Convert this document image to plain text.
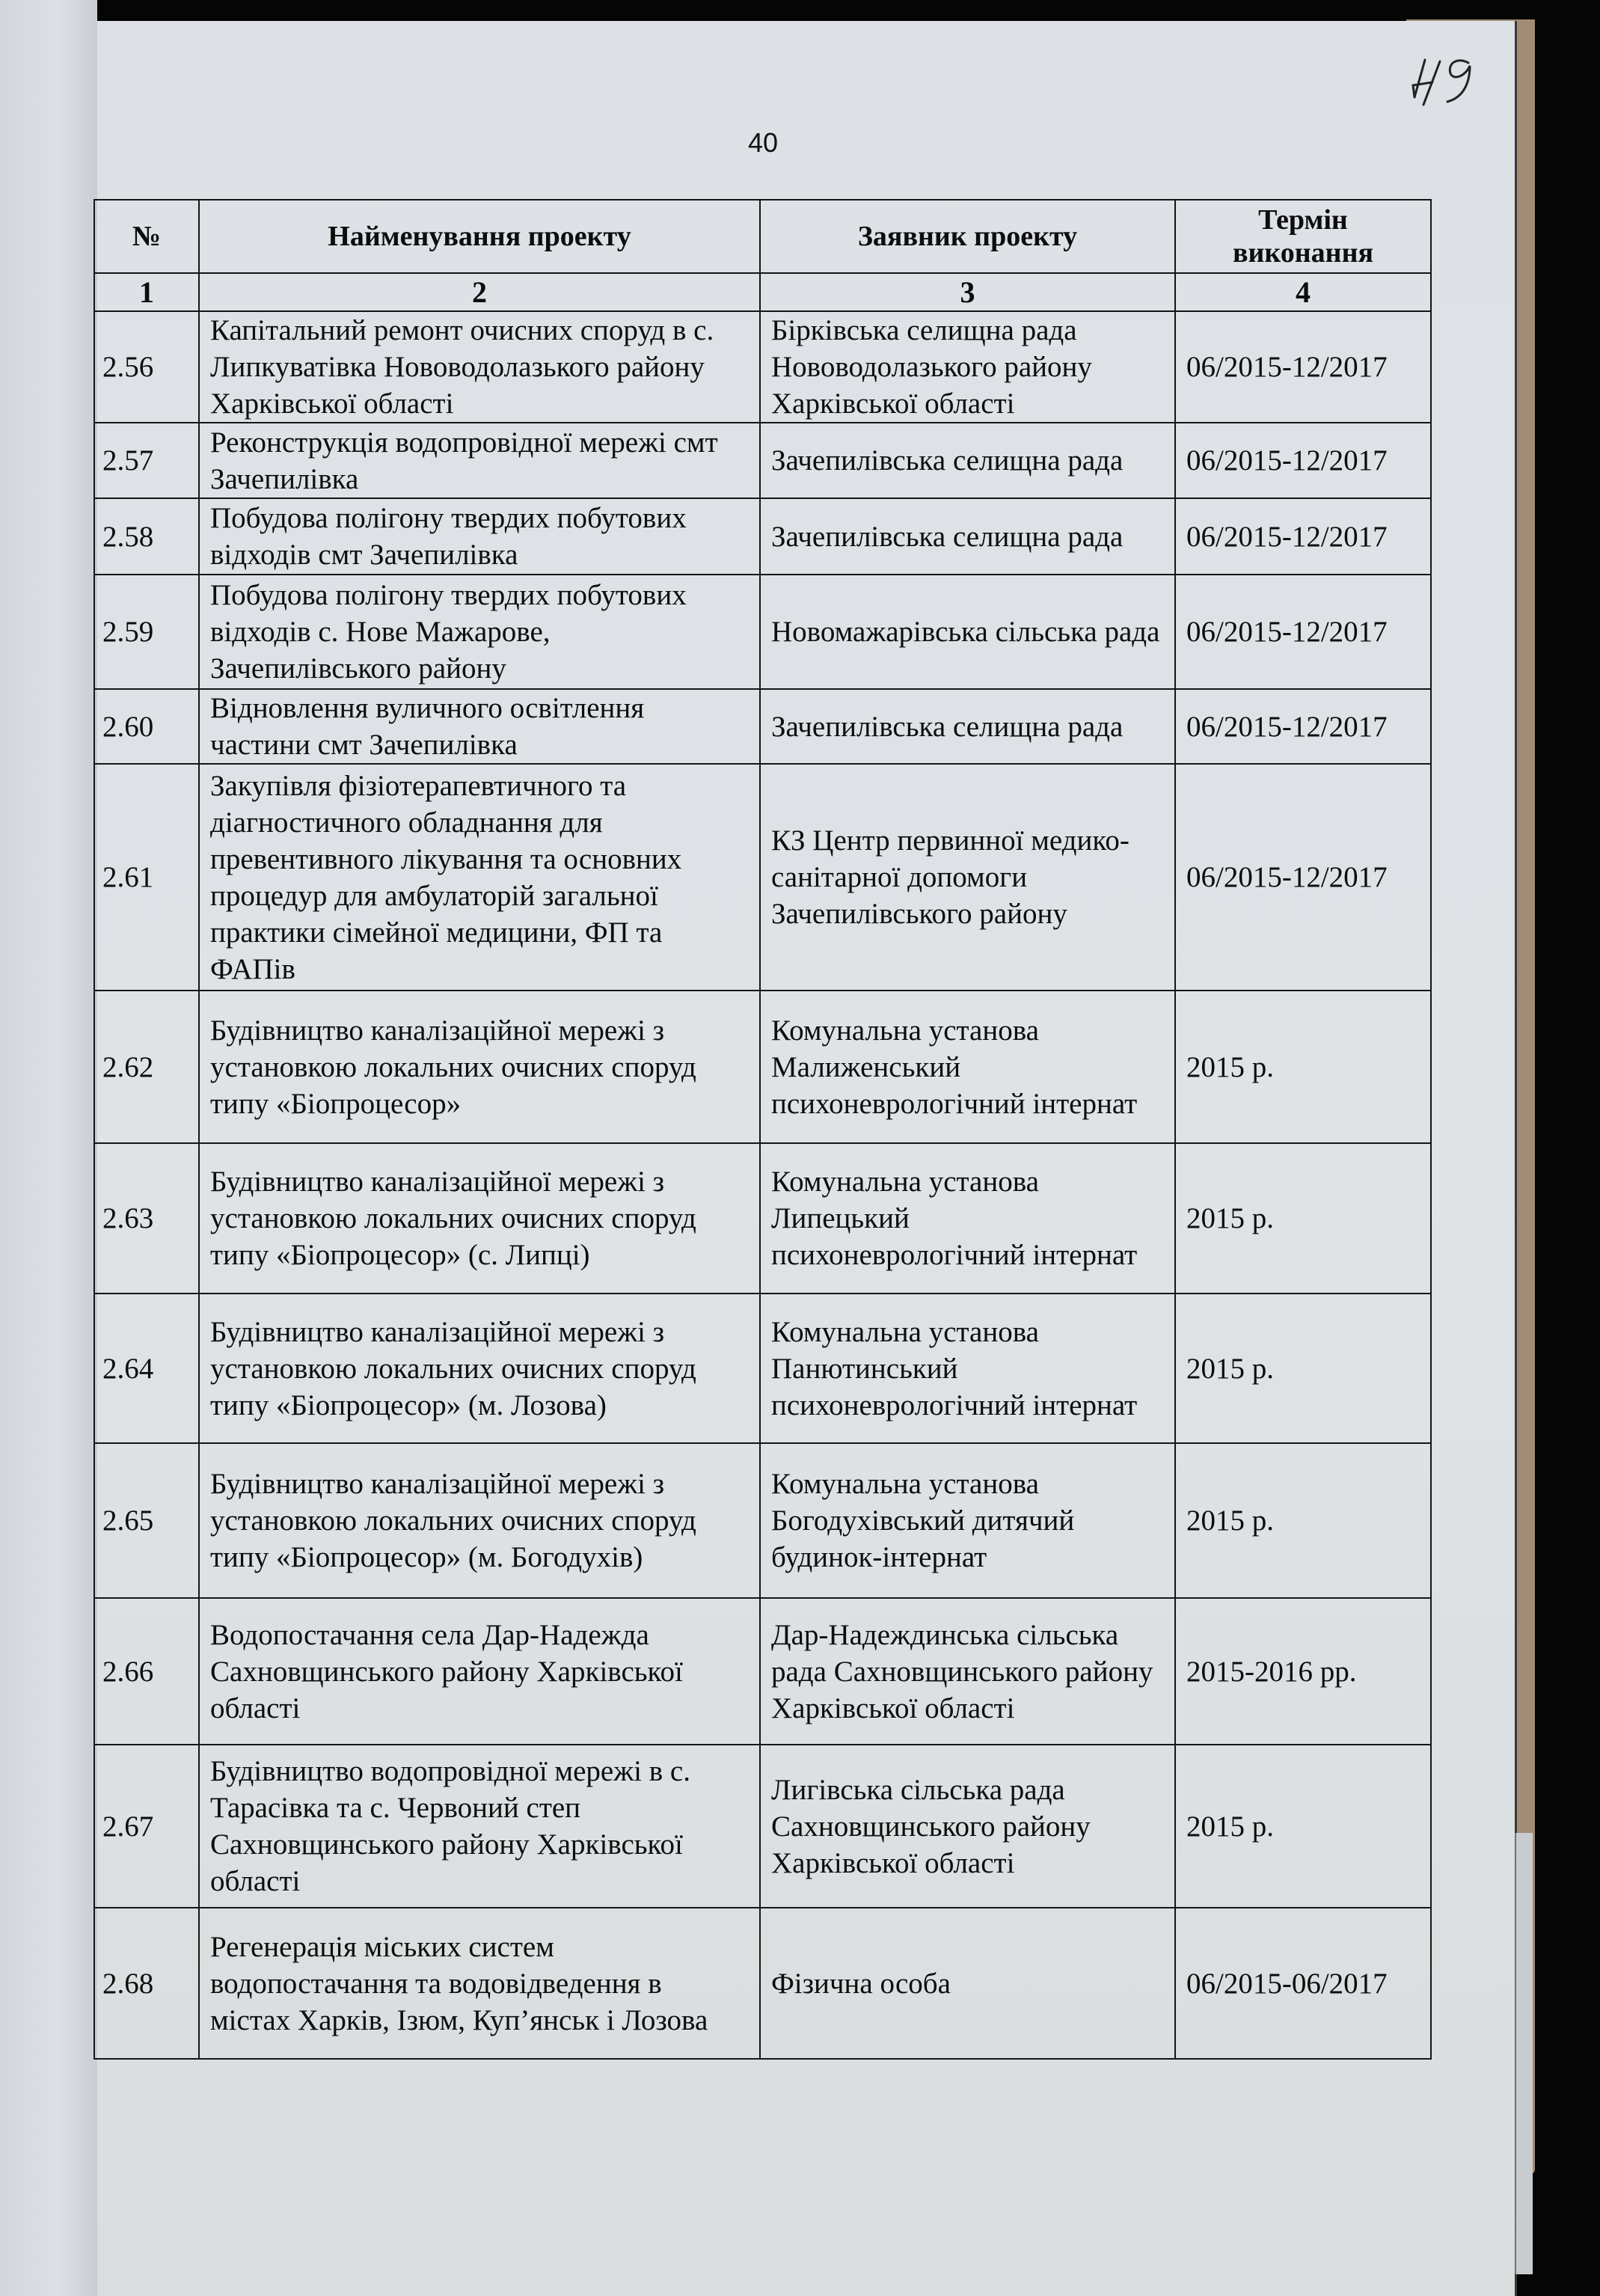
40
№	Найменування проекту	Заявник проекту	Термін виконання
1	2	3	4
2.56	Капітальний ремонт очисних споруд в с. Липкуватівка Нововодолазького району Харківської області	Бірківська селищна рада Нововодолазького району Харківської області	06/2015-12/2017
2.57	Реконструкція водопровідної мережі смт Зачепилівка	Зачепилівська селищна рада	06/2015-12/2017
2.58	Побудова полігону твердих побутових відходів смт Зачепилівка	Зачепилівська селищна рада	06/2015-12/2017
2.59	Побудова полігону твердих побутових відходів с. Нове Мажарове, Зачепилівського району	Новомажарівська сільська рада	06/2015-12/2017
2.60	Відновлення вуличного освітлення частини смт Зачепилівка	Зачепилівська селищна рада	06/2015-12/2017
2.61	Закупівля фізіотерапевтичного та діагностичного обладнання для превентивного лікування та основних процедур для амбулаторій загальної практики сімейної медицини, ФП та ФАПів	КЗ Центр первинної медико-санітарної допомоги Зачепилівського району	06/2015-12/2017
2.62	Будівництво каналізаційної мережі з установкою локальних очисних споруд типу «Біопроцесор»	Комунальна установа Малиженський психоневрологічний інтернат	2015 р.
2.63	Будівництво каналізаційної мережі з установкою локальних очисних споруд типу «Біопроцесор» (с. Липці)	Комунальна установа Липецький психоневрологічний інтернат	2015 р.
2.64	Будівництво каналізаційної мережі з установкою локальних очисних споруд типу «Біопроцесор» (м. Лозова)	Комунальна установа Панютинський психоневрологічний інтернат	2015 р.
2.65	Будівництво каналізаційної мережі з установкою локальних очисних споруд типу «Біопроцесор» (м. Богодухів)	Комунальна установа Богодухівський дитячий будинок-інтернат	2015 р.
2.66	Водопостачання села Дар-Надежда Сахновщинського району Харківської області	Дар-Надеждинська сільська рада Сахновщинського району Харківської області	2015-2016 рр.
2.67	Будівництво водопровідної мережі в с. Тарасівка та с. Червоний степ Сахновщинського району Харківської області	Лигівська сільська рада Сахновщинського району Харківської області	2015 р.
2.68	Регенерація міських систем водопостачання та водовідведення в містах Харків, Ізюм, Куп’янськ і Лозова	Фізична особа	06/2015-06/2017
